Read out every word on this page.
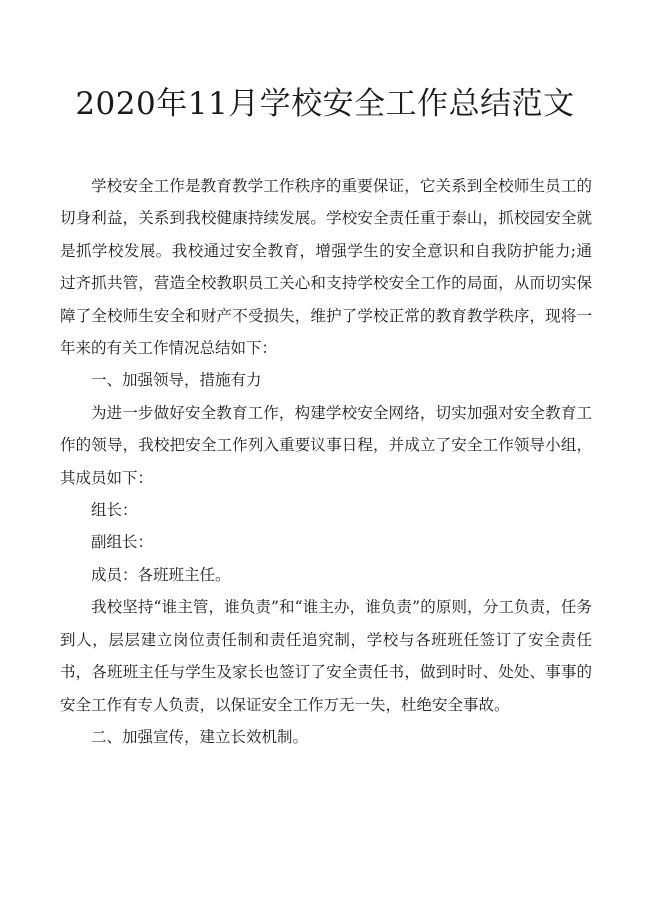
2020年11月学校安全工作总结范文

学校安全工作是教育教学工作秩序的重要保证，它关系到全校师生员工的切身利益，关系到我校健康持续发展。学校安全责任重于泰山，抓校园安全就是抓学校发展。我校通过安全教育，增强学生的安全意识和自我防护能力;通过齐抓共管，营造全校教职员工关心和支持学校安全工作的局面，从而切实保障了全校师生安全和财产不受损失，维护了学校正常的教育教学秩序，现将一年来的有关工作情况总结如下：

一、加强领导，措施有力

为进一步做好安全教育工作，构建学校安全网络，切实加强对安全教育工作的领导，我校把安全工作列入重要议事日程，并成立了安全工作领导小组，其成员如下：

组长：

副组长：

成员：各班班主任。

我校坚持“谁主管，谁负责”和“谁主办，谁负责”的原则，分工负责，任务到人，层层建立岗位责任制和责任追究制，学校与各班班任签订了安全责任书，各班班主任与学生及家长也签订了安全责任书，做到时时、处处、事事的安全工作有专人负责，以保证安全工作万无一失，杜绝安全事故。

二、加强宣传，建立长效机制。
